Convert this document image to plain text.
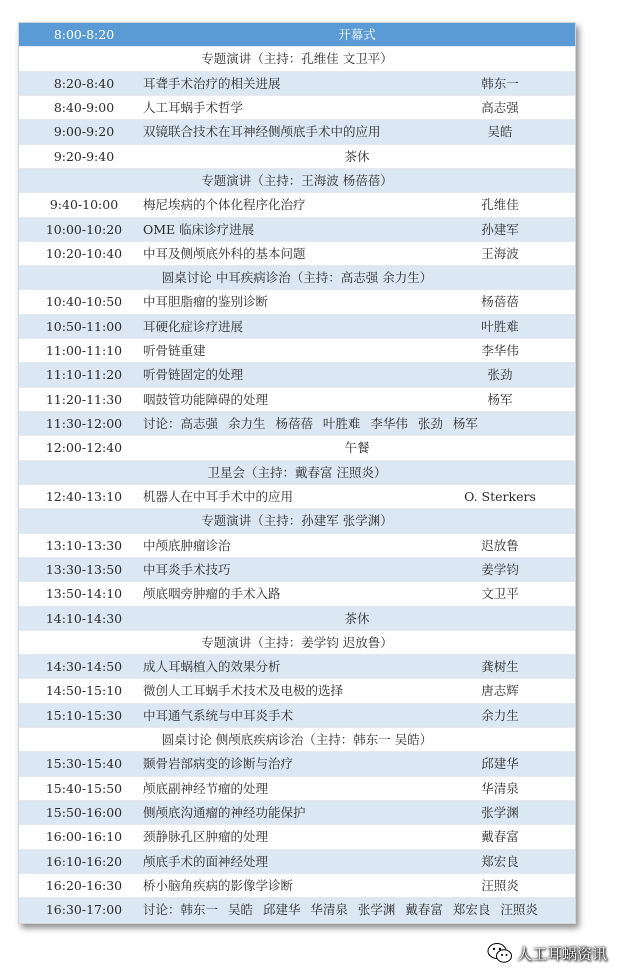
8:00-8:20	开幕式
专题演讲（主持：孔维佳 文卫平）
8:20-8:40	耳聋手术治疗的相关进展	韩东一
8:40-9:00	人工耳蜗手术哲学	高志强
9:00-9:20	双镜联合技术在耳神经侧颅底手术中的应用	吴皓
9:20-9:40	茶休
专题演讲（主持：王海波 杨蓓蓓）
9:40-10:00	梅尼埃病的个体化程序化治疗	孔维佳
10:00-10:20	OME 临床诊疗进展	孙建军
10:20-10:40	中耳及侧颅底外科的基本问题	王海波
圆桌讨论 中耳疾病诊治（主持：高志强 余力生）
10:40-10:50	中耳胆脂瘤的鉴别诊断	杨蓓蓓
10:50-11:00	耳硬化症诊疗进展	叶胜难
11:00-11:10	听骨链重建	李华伟
11:10-11:20	听骨链固定的处理	张劲
11:20-11:30	咽鼓管功能障碍的处理	杨军
11:30-12:00	讨论：高志强 余力生 杨蓓蓓 叶胜难 李华伟 张劲 杨军
12:00-12:40	午餐
卫星会（主持：戴春富 汪照炎）
12:40-13:10	机器人在中耳手术中的应用	O. Sterkers
专题演讲（主持：孙建军 张学渊）
13:10-13:30	中颅底肿瘤诊治	迟放鲁
13:30-13:50	中耳炎手术技巧	姜学钧
13:50-14:10	颅底咽旁肿瘤的手术入路	文卫平
14:10-14:30	茶休
专题演讲（主持：姜学钧 迟放鲁）
14:30-14:50	成人耳蜗植入的效果分析	龚树生
14:50-15:10	微创人工耳蜗手术技术及电极的选择	唐志辉
15:10-15:30	中耳通气系统与中耳炎手术	余力生
圆桌讨论 侧颅底疾病诊治（主持：韩东一 吴皓）
15:30-15:40	颞骨岩部病变的诊断与治疗	邱建华
15:40-15:50	颅底副神经节瘤的处理	华清泉
15:50-16:00	侧颅底沟通瘤的神经功能保护	张学渊
16:00-16:10	颈静脉孔区肿瘤的处理	戴春富
16:10-16:20	颅底手术的面神经处理	郑宏良
16:20-16:30	桥小脑角疾病的影像学诊断	汪照炎
16:30-17:00	讨论：韩东一 吴皓 邱建华 华清泉 张学渊 戴春富 郑宏良 汪照炎
人工耳蜗资讯
